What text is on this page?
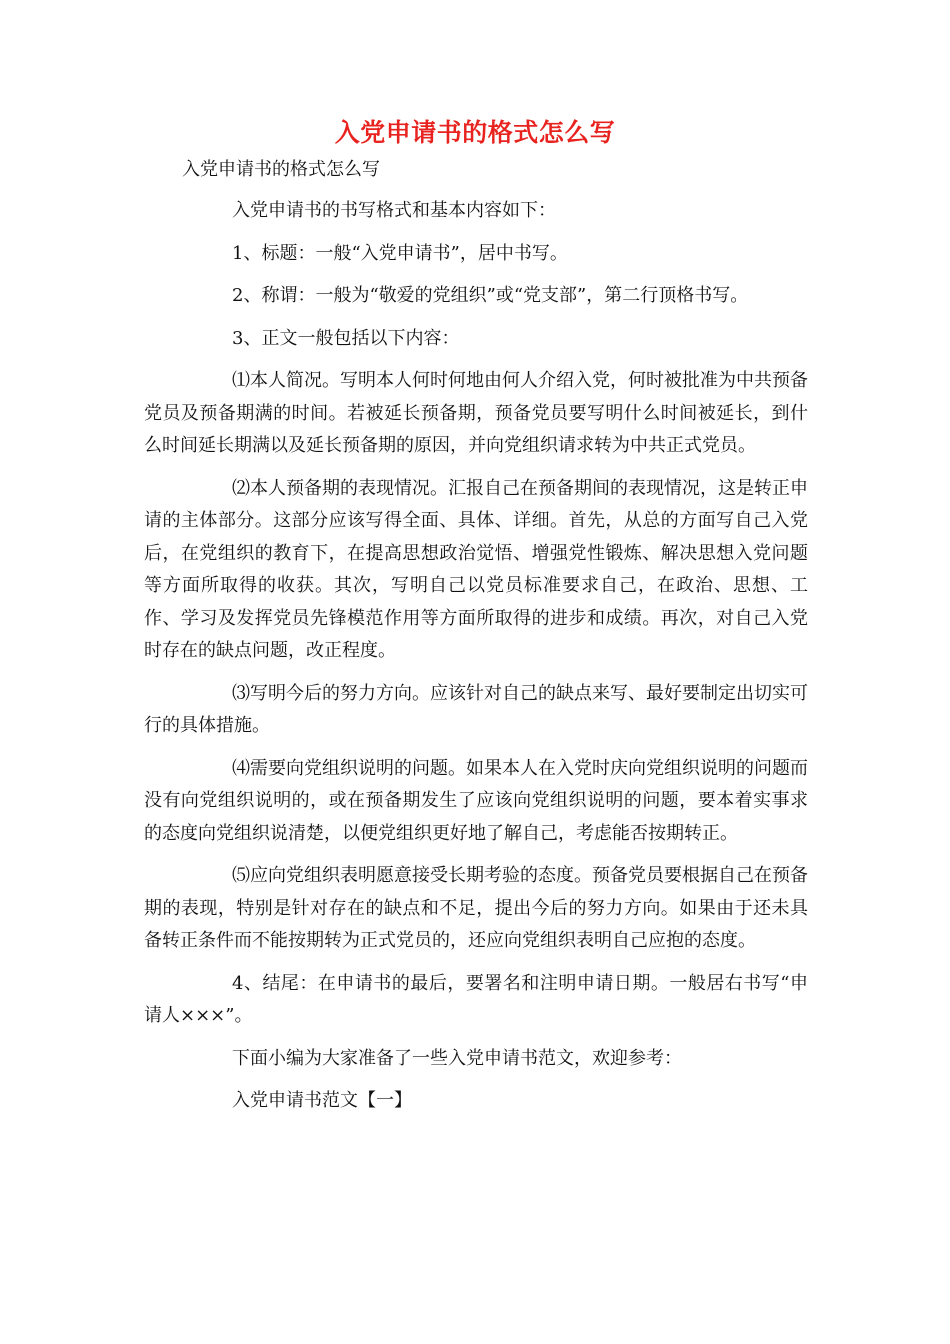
入党申请书的格式怎么写
入党申请书的格式怎么写

入党申请书的书写格式和基本内容如下：

1、标题：一般“入党申请书”，居中书写。

2、称谓：一般为“敬爱的党组织”或“党支部”，第二行顶格书写。

3、正文一般包括以下内容：

⑴本人简况。写明本人何时何地由何人介绍入党，何时被批准为中共预备党员及预备期满的时间。若被延长预备期，预备党员要写明什么时间被延长，到什么时间延长期满以及延长预备期的原因，并向党组织请求转为中共正式党员。

⑵本人预备期的表现情况。汇报自己在预备期间的表现情况，这是转正申请的主体部分。这部分应该写得全面、具体、详细。首先，从总的方面写自己入党后，在党组织的教育下，在提高思想政治觉悟、增强党性锻炼、解决思想入党问题等方面所取得的收获。其次，写明自己以党员标准要求自己，在政治、思想、工作、学习及发挥党员先锋模范作用等方面所取得的进步和成绩。再次，对自己入党时存在的缺点问题，改正程度。

⑶写明今后的努力方向。应该针对自己的缺点来写、最好要制定出切实可行的具体措施。

⑷需要向党组织说明的问题。如果本人在入党时庆向党组织说明的问题而没有向党组织说明的，或在预备期发生了应该向党组织说明的问题，要本着实事求的态度向党组织说清楚，以便党组织更好地了解自己，考虑能否按期转正。

⑸应向党组织表明愿意接受长期考验的态度。预备党员要根据自己在预备期的表现，特别是针对存在的缺点和不足，提出今后的努力方向。如果由于还未具备转正条件而不能按期转为正式党员的，还应向党组织表明自己应抱的态度。

4、结尾：在申请书的最后，要署名和注明申请日期。一般居右书写“申请人×××”。

下面小编为大家准备了一些入党申请书范文，欢迎参考：

入党申请书范文【一】
